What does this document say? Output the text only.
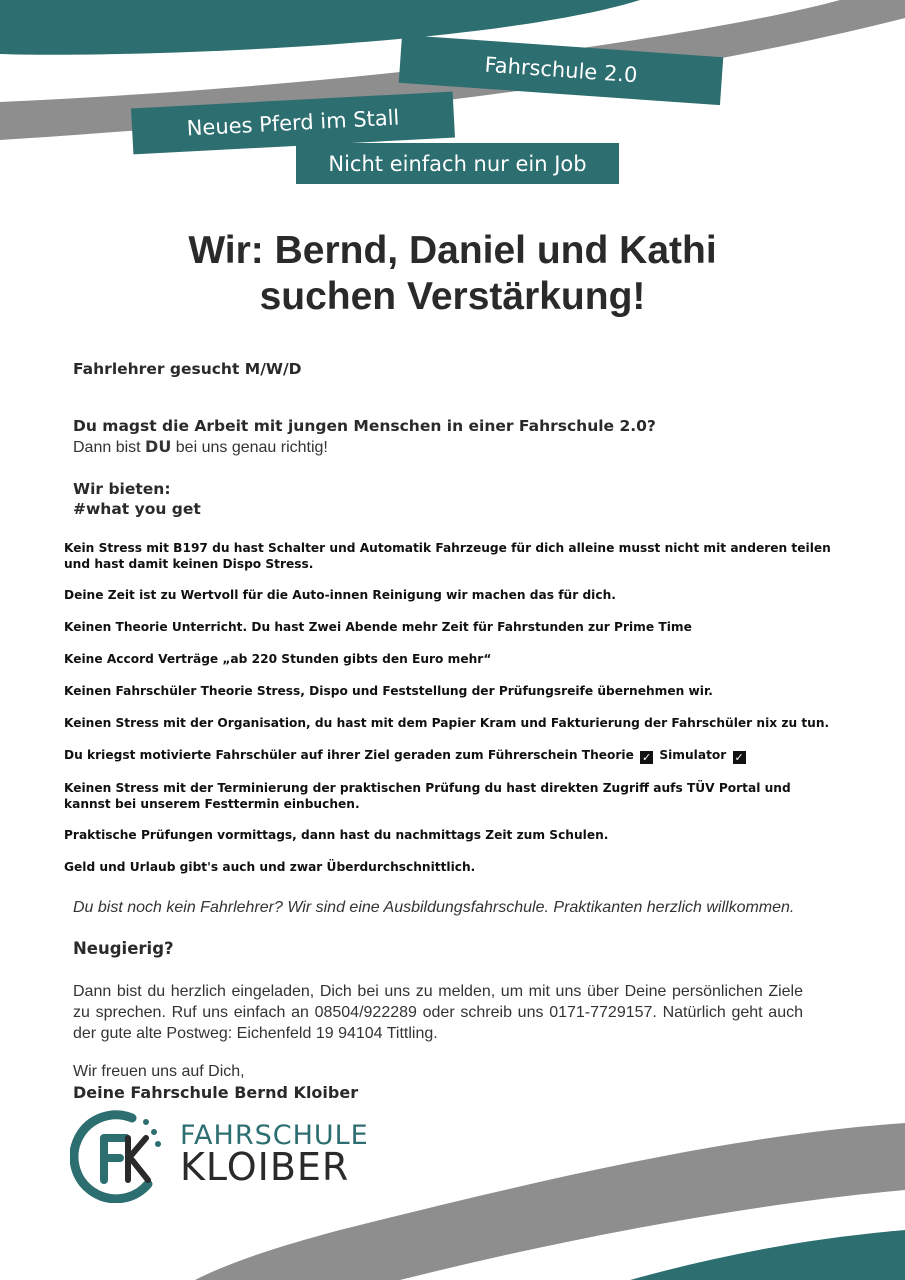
Fahrschule 2.0
Neues Pferd im Stall
Nicht einfach nur ein Job
Wir: Bernd, Daniel und Kathi
suchen Verstärkung!
Fahrlehrer gesucht M/W/D
Du magst die Arbeit mit jungen Menschen in einer Fahrschule 2.0?
Dann bist DU bei uns genau richtig!
Wir bieten:
#what you get
Kein Stress mit B197 du hast Schalter und Automatik Fahrzeuge für dich alleine musst nicht mit anderen teilen und hast damit keinen Dispo Stress.
Deine Zeit ist zu Wertvoll für die Auto-innen Reinigung wir machen das für dich.
Keinen Theorie Unterricht. Du hast Zwei Abende mehr Zeit für Fahrstunden zur Prime Time
Keine Accord Verträge „ab 220 Stunden gibts den Euro mehr“
Keinen Fahrschüler Theorie Stress, Dispo und Feststellung der Prüfungsreife übernehmen wir.
Keinen Stress mit der Organisation, du hast mit dem Papier Kram und Fakturierung der Fahrschüler nix zu tun.
Du kriegst motivierte Fahrschüler auf ihrer Ziel geraden zum Führerschein Theorie ✓ Simulator ✓
Keinen Stress mit der Terminierung der praktischen Prüfung du hast direkten Zugriff aufs TÜV Portal und kannst bei unserem Festtermin einbuchen.
Praktische Prüfungen vormittags, dann hast du nachmittags Zeit zum Schulen.
Geld und Urlaub gibt's auch und zwar Überdurchschnittlich.
Du bist noch kein Fahrlehrer? Wir sind eine Ausbildungsfahrschule. Praktikanten herzlich willkommen.
Neugierig?
Dann bist du herzlich eingeladen, Dich bei uns zu melden, um mit uns über Deine persönlichen Ziele zu sprechen. Ruf uns einfach an 08504/922289 oder schreib uns 0171-7729157. Natürlich geht auch der gute alte Postweg: Eichenfeld 19 94104 Tittling.
Wir freuen uns auf Dich,
Deine Fahrschule Bernd Kloiber
FAHRSCHULE
KLOIBER
